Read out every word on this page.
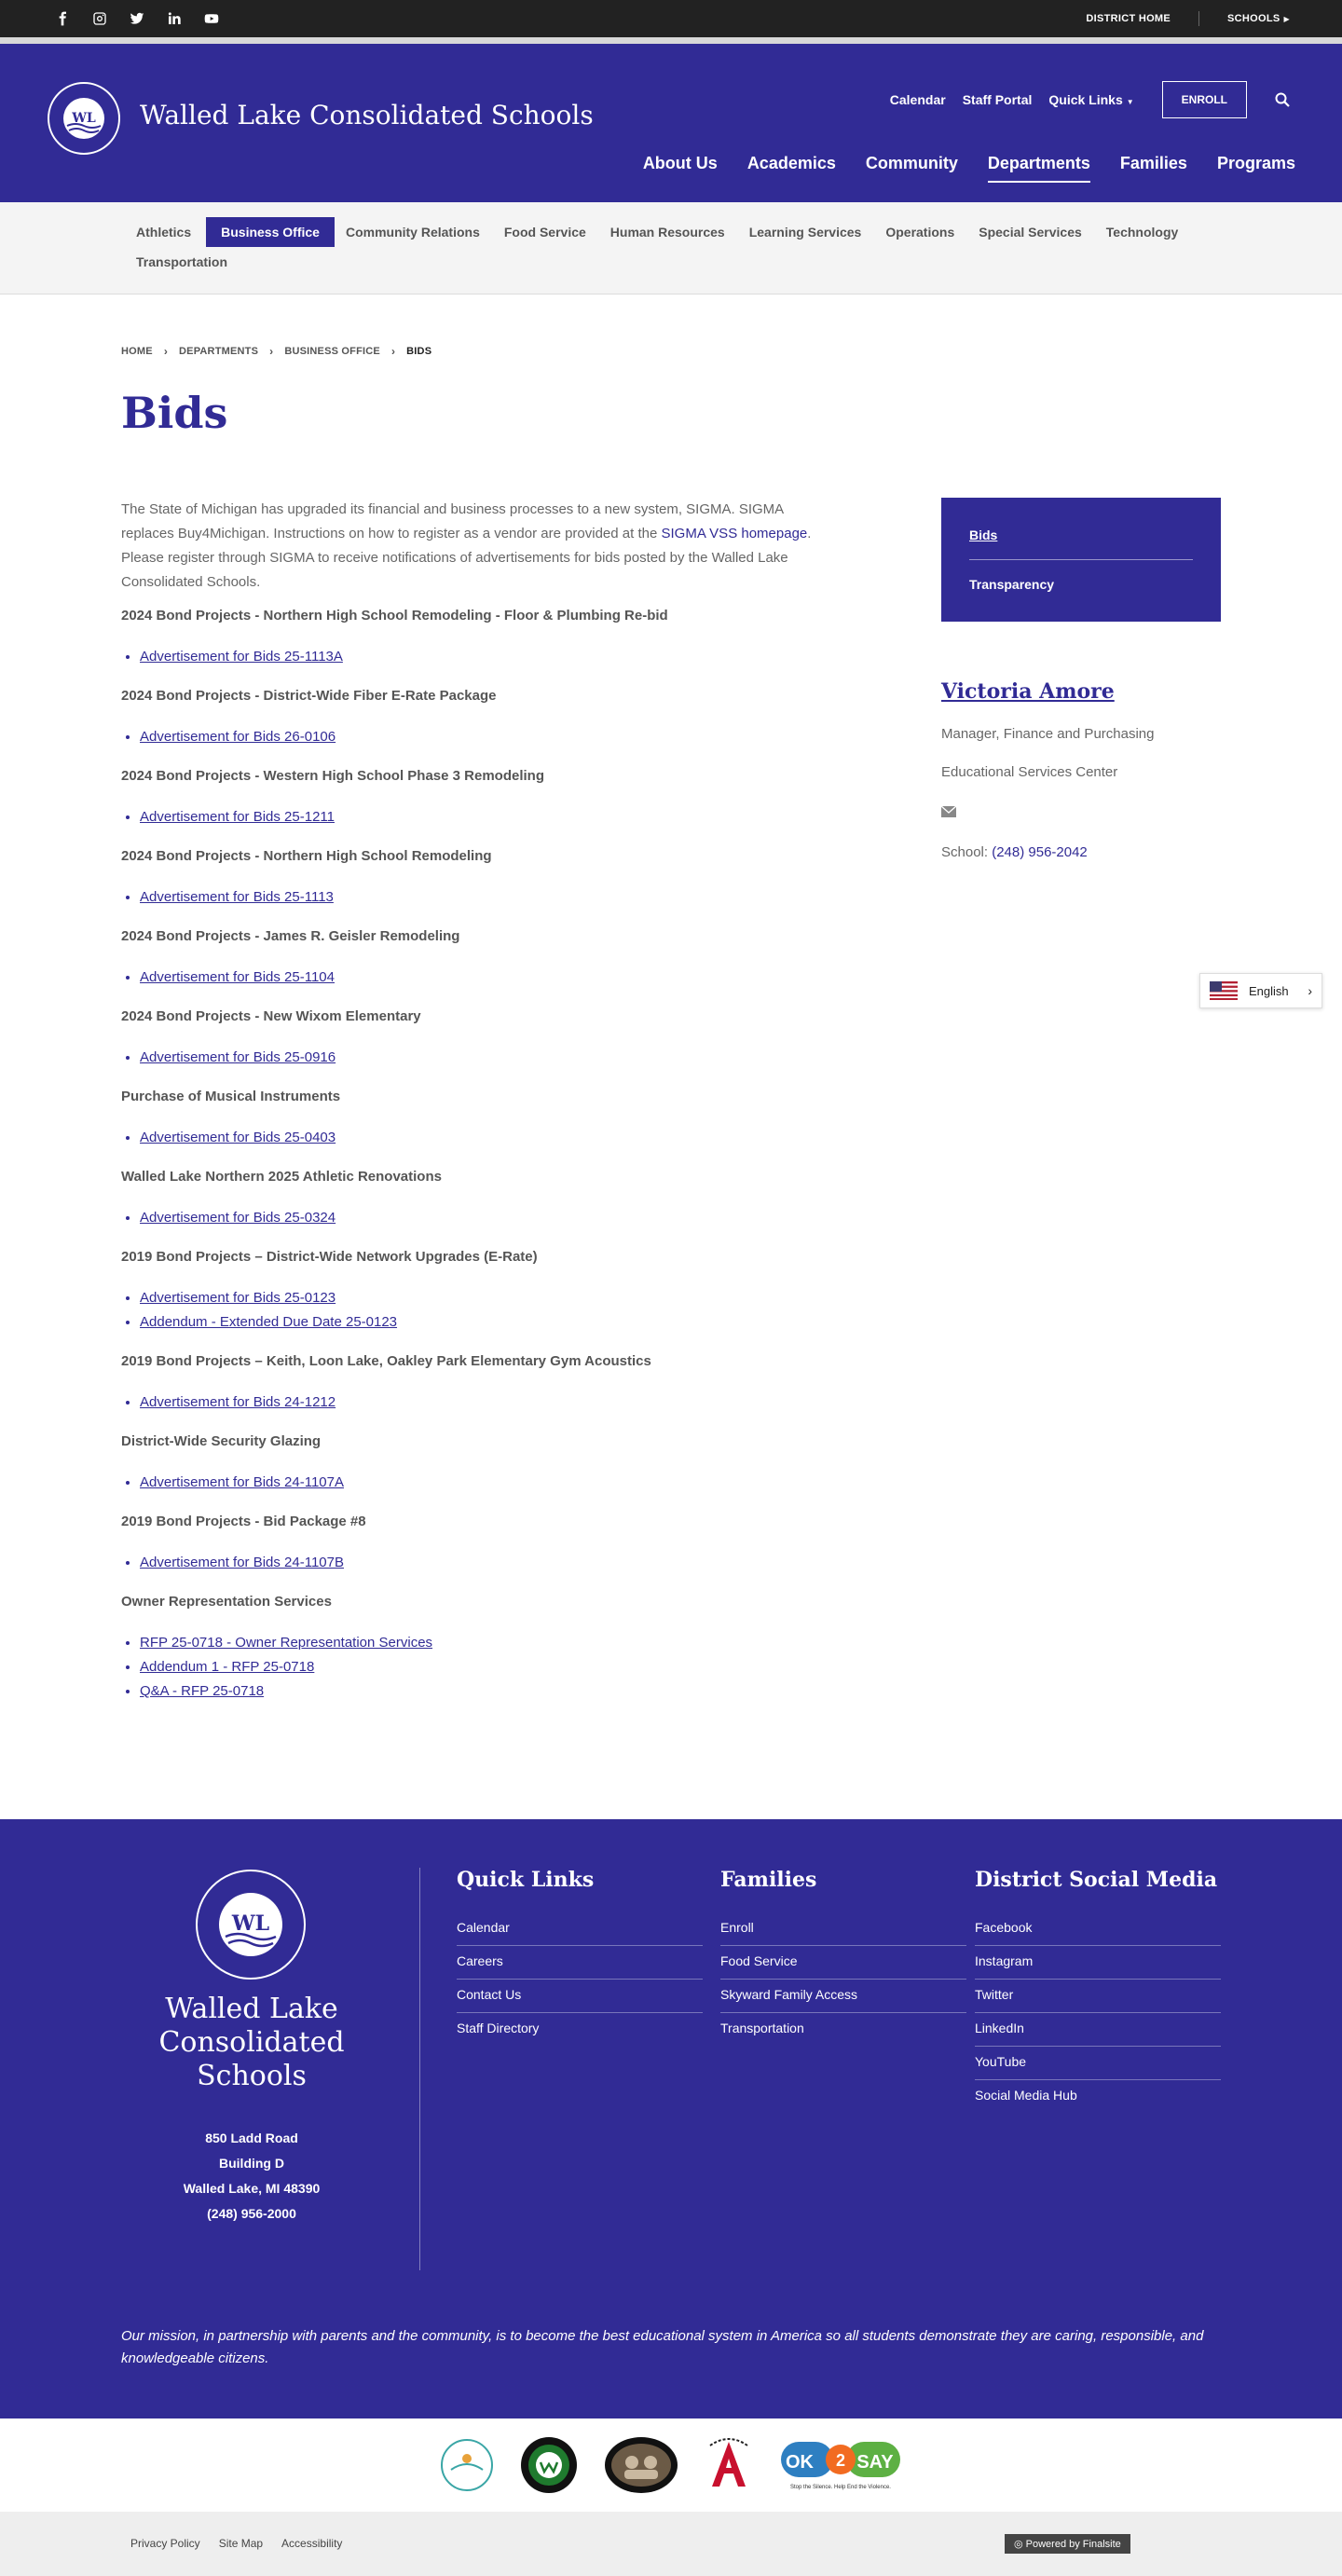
DISTRICT HOME	SCHOOLS ▶
WL Walled Lake Consolidated Schools	Calendar Staff Portal Quick Links ▼	ENROLL
About Us Academics Community Departments Families Programs
Athletics	Business Office	Community Relations	Food Service	Human Resources	Learning Services	Operations	Special Services	Technology
Transportation
HOME › DEPARTMENTS › BUSINESS OFFICE › BIDS
Bids

The State of Michigan has upgraded its financial and business processes to a new system, SIGMA. SIGMA replaces Buy4Michigan. Instructions on how to register as a vendor are provided at the SIGMA VSS homepage. Please register through SIGMA to receive notifications of advertisements for bids posted by the Walled Lake Consolidated Schools.

2024 Bond Projects - Northern High School Remodeling - Floor & Plumbing Re-bid

• Advertisement for Bids 25-1113A

2024 Bond Projects - District-Wide Fiber E-Rate Package

• Advertisement for Bids 26-0106

2024 Bond Projects - Western High School Phase 3 Remodeling

• Advertisement for Bids 25-1211

2024 Bond Projects - Northern High School Remodeling

• Advertisement for Bids 25-1113

2024 Bond Projects - James R. Geisler Remodeling

• Advertisement for Bids 25-1104

2024 Bond Projects - New Wixom Elementary

• Advertisement for Bids 25-0916

Purchase of Musical Instruments

• Advertisement for Bids 25-0403

Walled Lake Northern 2025 Athletic Renovations

• Advertisement for Bids 25-0324

2019 Bond Projects – District-Wide Network Upgrades (E-Rate)

• Advertisement for Bids 25-0123
• Addendum - Extended Due Date 25-0123

2019 Bond Projects – Keith, Loon Lake, Oakley Park Elementary Gym Acoustics

• Advertisement for Bids 24-1212

District-Wide Security Glazing

• Advertisement for Bids 24-1107A

2019 Bond Projects - Bid Package #8

• Advertisement for Bids 24-1107B

Owner Representation Services

• RFP 25-0718 - Owner Representation Services
• Addendum 1 - RFP 25-0718
• Q&A - RFP 25-0718
Bids
Transparency
Victoria Amore
Manager, Finance and Purchasing
Educational Services Center
School: (248) 956-2042
English ›
WL
Walled Lake Consolidated Schools
850 Ladd Road
Building D
Walled Lake, MI 48390
(248) 956-2000
Quick Links
Calendar
Careers
Contact Us
Staff Directory
Families
Enroll
Food Service
Skyward Family Access
Transportation
District Social Media
Facebook
Instagram
Twitter
LinkedIn
YouTube
Social Media Hub

Our mission, in partnership with parents and the community, is to become the best educational system in America so all students demonstrate they are caring, responsible, and knowledgeable citizens.

OK 2 SAY
Stop the Silence. Help End the Violence.
Privacy Policy Site Map Accessibility	◎ Powered by Finalsite
